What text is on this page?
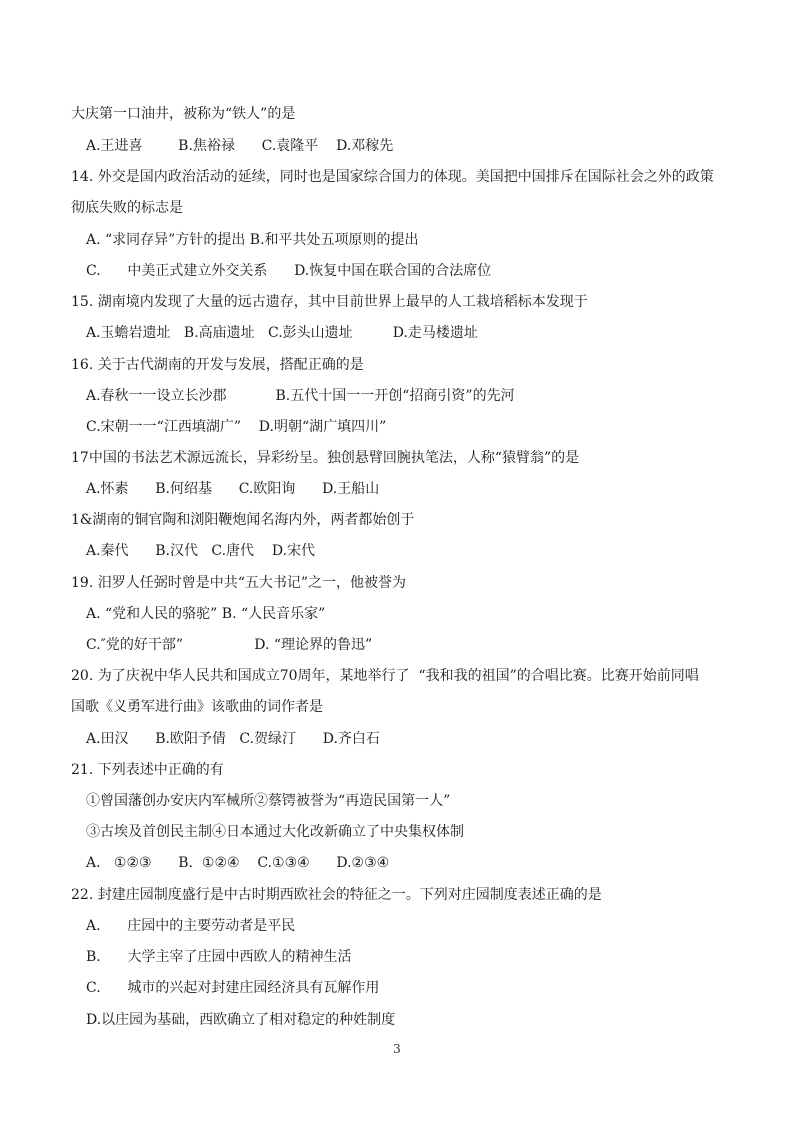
大庆第一口油井，被称为“铁人”的是
A.王进喜        B.焦裕禄      C.袁隆平    D.邓稼先
14. 外交是国内政治活动的延续，同时也是国家综合国力的体现。美国把中国排斥在国际社会之外的政策
彻底失败的标志是
A. “求同存异”方针的提出 B.和平共处五项原则的提出
C.      中美正式建立外交关系      D.恢复中国在联合国的合法席位
15. 湖南境内发现了大量的远古遗存，其中目前世界上最早的人工栽培稻标本发现于
A.玉蟾岩遗址   B.高庙遗址   C.彭头山遗址         D.走马楼遗址
16. 关于古代湖南的开发与发展，搭配正确的是
A.春秋一一设立长沙郡           B.五代十国一一开创“招商引资”的先河
C.宋朝一一“江西填湖广”    D.明朝“湖广填四川”
17中国的书法艺术源远流长，异彩纷呈。独创悬臂回腕执笔法，人称“猿臂翁”的是
A.怀素      B.何绍基      C.欧阳询      D.王船山
1&湖南的铜官陶和浏阳鞭炮闻名海内外，两者都始创于
A.秦代      B.汉代   C.唐代    D.宋代
19. 汨罗人任弼时曾是中共“五大书记”之一，他被誉为
A. “党和人民的骆驼” B. “人民音乐家”
C.″党的好干部”                D. “理论界的鲁迅”
20. 为了庆祝中华人民共和国成立70周年，某地举行了  “我和我的祖国”的合唱比赛。比赛开始前同唱
国歌《义勇军进行曲》该歌曲的词作者是
A.田汉      B.欧阳予倩   C.贺绿汀      D.齐白石
21. 下列表述中正确的有
①曾国藩创办安庆内军械所②蔡锷被誉为“再造民国第一人”
③古埃及首创民主制④日本通过大化改新确立了中央集权体制
A.   ①②③      B.  ①②④    C.①③④      D.②③④
22. 封建庄园制度盛行是中古时期西欧社会的特征之一。下列对庄园制度表述正确的是
A.      庄园中的主要劳动者是平民
B.      大学主宰了庄园中西欧人的精神生活
C.      城市的兴起对封建庄园经济具有瓦解作用
D.以庄园为基础，西欧确立了相对稳定的种姓制度
3
